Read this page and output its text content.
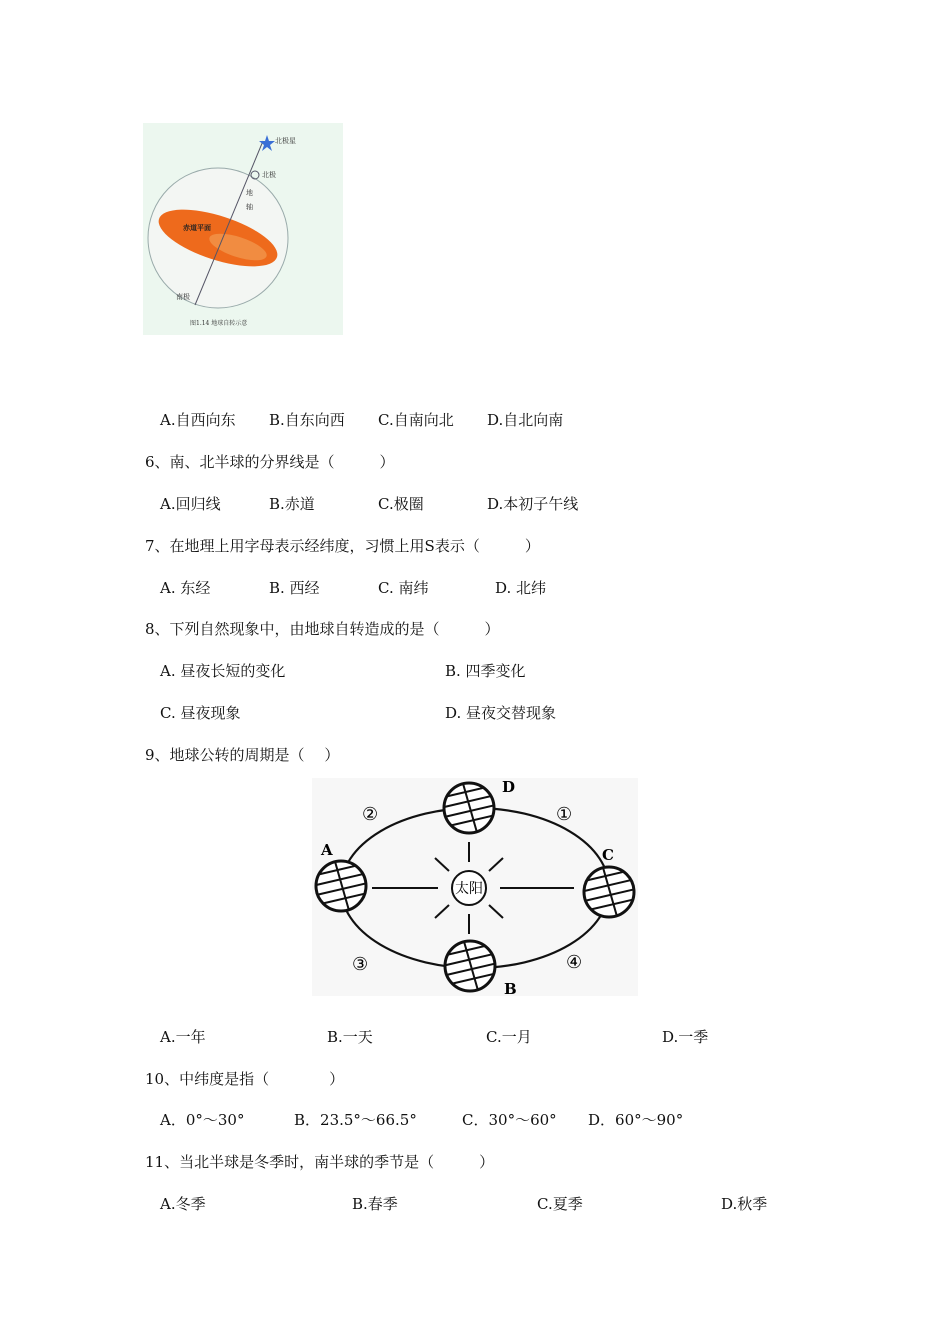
北极星
北极
地
轴
赤道平面
南极
图1.14 地球自转示意
A.自西向东 B.自东向西 C.自南向北 D.自北向南
6、南、北半球的分界线是（　　　）
A.回归线	B.赤道	C.极圈	D.本初子午线
7、在地理上用字母表示经纬度，习惯上用S表示（　　　）
A. 东经	B. 西经	C. 南纬	D. 北纬
8、下列自然现象中，由地球自转造成的是（　　　）
A. 昼夜长短的变化	B. 四季变化
C. 昼夜现象	D. 昼夜交替现象
9、地球公转的周期是（　 ）
太阳
A
B
C
D
①
②
③	④
A.一年	B.一天	C.一月	D.一季
10、中纬度是指（　　　　）
A．0°～30°	B．23.5°～66.5°	C．30°～60° D．60°～90°
11、当北半球是冬季时，南半球的季节是（　　　）
A.冬季	B.春季	C.夏季	D.秋季
